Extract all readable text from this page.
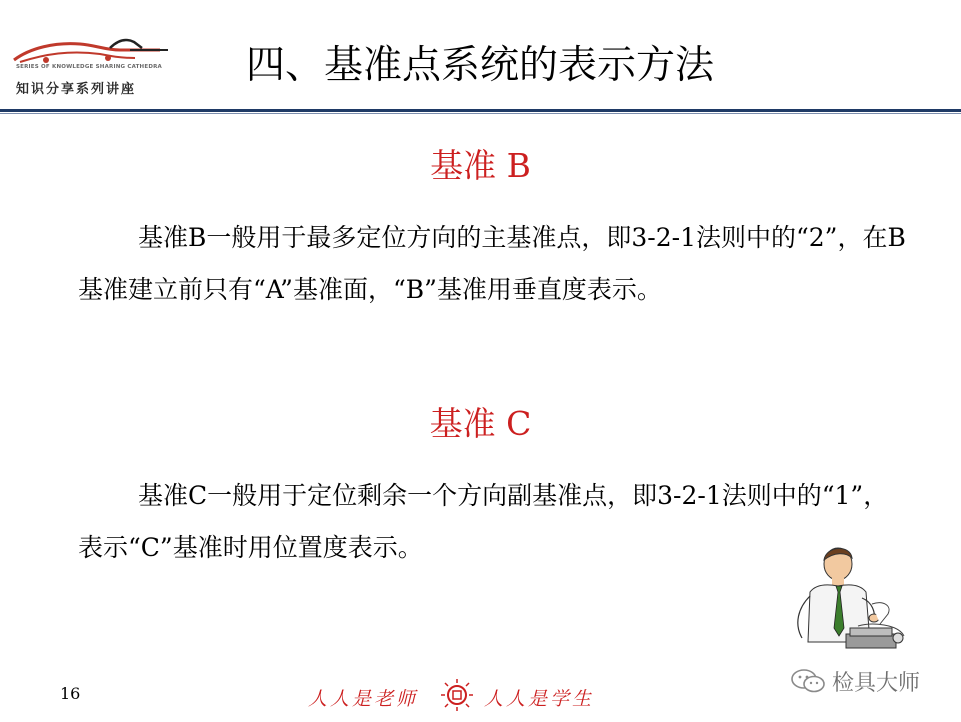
SERIES OF KNOWLEDGE SHARING CATHEDRA
知识分享系列讲座
四、基准点系统的表示方法
基准 B
基准B一般用于最多定位方向的主基准点，即3-2-1法则中的“2”，在B基准建立前只有“A”基准面，“B”基准用垂直度表示。
基准 C
基准C一般用于定位剩余一个方向副基准点，即3-2-1法则中的“1”，表示“C”基准时用位置度表示。
16	人人是老师	人人是学生
检具大师
